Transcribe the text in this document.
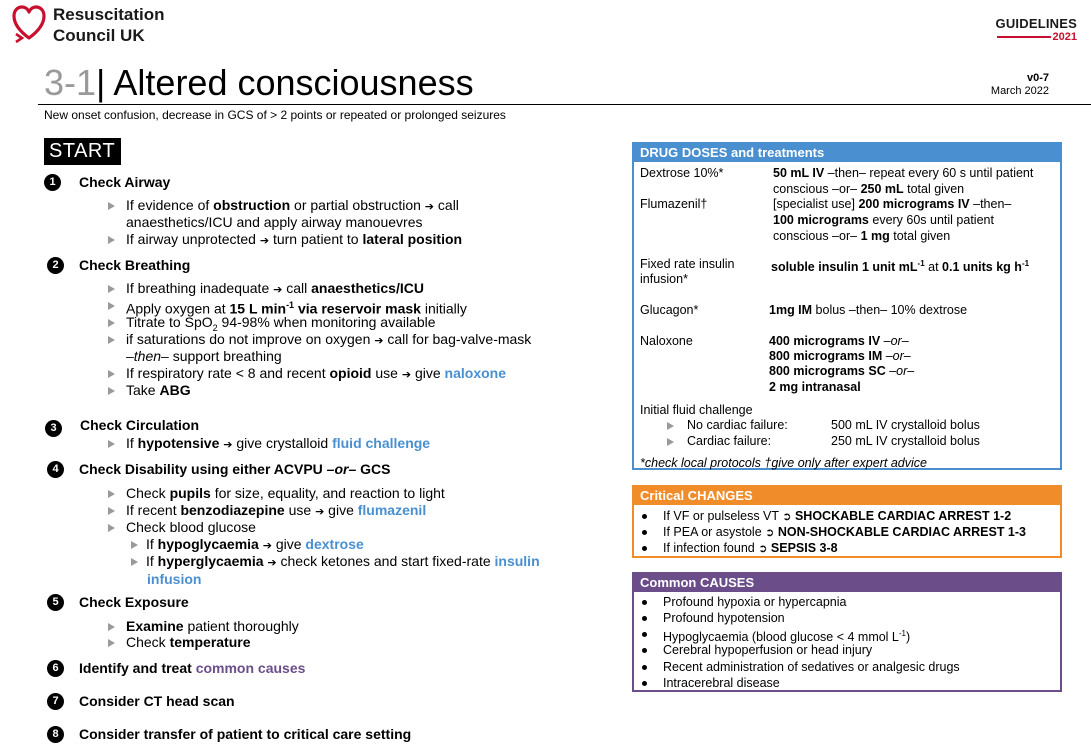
Resuscitation
Council UK
GUIDELINES
2021
3-1| Altered consciousness	v0-7
March 2022
New onset confusion, decrease in GCS of > 2 points or repeated or prolonged seizures
START
1	Check Airway
If evidence of obstruction or partial obstruction ➔ call
anaesthetics/ICU and apply airway manouevres
If airway unprotected ➔ turn patient to lateral position
2	Check Breathing
If breathing inadequate ➔ call anaesthetics/ICU
Apply oxygen at 15 L $\min^{-1}$ via reservoir mask initially
Titrate to SpO$_2$ 94-98% when monitoring available
if saturations do not improve on oxygen ➔ call for bag-valve-mask
–then– support breathing
If respiratory rate < 8 and recent opioid use ➔ give naloxone
Take ABG
3	Check Circulation
If hypotensive ➔ give crystalloid fluid challenge
4	Check Disability using either ACVPU –or– GCS
Check pupils for size, equality, and reaction to light
If recent benzodiazepine use ➔ give flumazenil
Check blood glucose
If hypoglycaemia ➔ give dextrose
If hyperglycaemia ➔ check ketones and start fixed-rate insulin
infusion
5	Check Exposure
Examine patient thoroughly
Check temperature
6	Identify and treat common causes
7	Consider CT head scan
8	Consider transfer of patient to critical care setting
DRUG DOSES and treatments
Dextrose 10%*	50 mL IV –then– repeat every 60 s until patient
conscious –or– 250 mL total given
Flumazenil†	[specialist use] 200 micrograms IV –then–
100 micrograms every 60s until patient
conscious –or– 1 mg total given
Fixed rate insulin
infusion*
soluble insulin 1 unit $mL^{-1}$ at 0.1 units kg $h^{-1}$
Glucagon*	1mg IM bolus –then– 10% dextrose
Naloxone	400 micrograms IV –or–
800 micrograms IM –or–
800 micrograms SC –or–
2 mg intranasal
Initial fluid challenge
No cardiac failure:	500 mL IV crystalloid bolus
Cardiac failure:	250 mL IV crystalloid bolus
*check local protocols †give only after expert advice
Critical CHANGES
If VF or pulseless VT ➲ SHOCKABLE CARDIAC ARREST 1-2
If PEA or asystole ➲ NON-SHOCKABLE CARDIAC ARREST 1-3
If infection found ➲ SEPSIS 3-8
Common CAUSES
Profound hypoxia or hypercapnia
Profound hypotension
Hypoglycaemia (blood glucose < 4 mmol $L^{-1}$)
Cerebral hypoperfusion or head injury
Recent administration of sedatives or analgesic drugs
Intracerebral disease
